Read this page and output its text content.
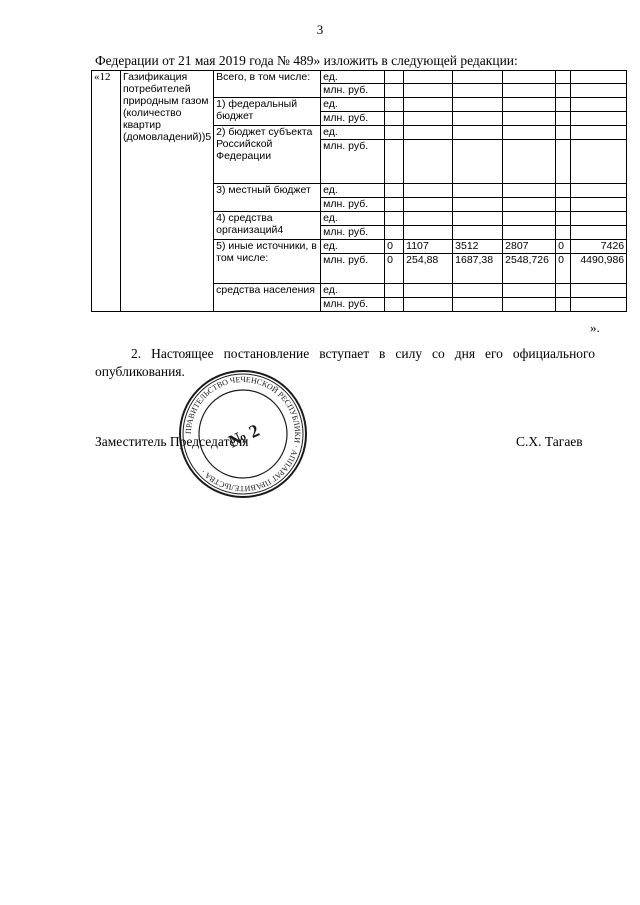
3
Федерации от 21 мая 2019 года № 489» изложить в следующей редакции:
«12	Газификация потребителей природным газом (количество квартир (домовладений))5	Всего, в том числе:	ед.						
			млн. руб.						
		1) федеральный бюджет	ед.						
			млн. руб.						
		2) бюджет субъекта Российской Федерации	ед.						
			млн. руб.						
		3) местный бюджет	ед.						
			млн. руб.						
		4) средства организаций4	ед.						
			млн. руб.						
		5) иные источники, в том числе:	ед.	0	1107	3512	2807	0	7426
			млн. руб.	0	254,88	1687,38	2548,726	0	4490,986
		средства населения	ед.						
			млн. руб.						
».
2. Настоящее постановление вступает в силу со дня его официального опубликования.
Заместитель Председателя	С.Х. Тагаев
ПРАВИТЕЛЬСТВО ЧЕЧЕНСКОЙ РЕСПУБЛИКИ · АППАРАТ ПРАВИТЕЛЬСТВА ·
№ 2
